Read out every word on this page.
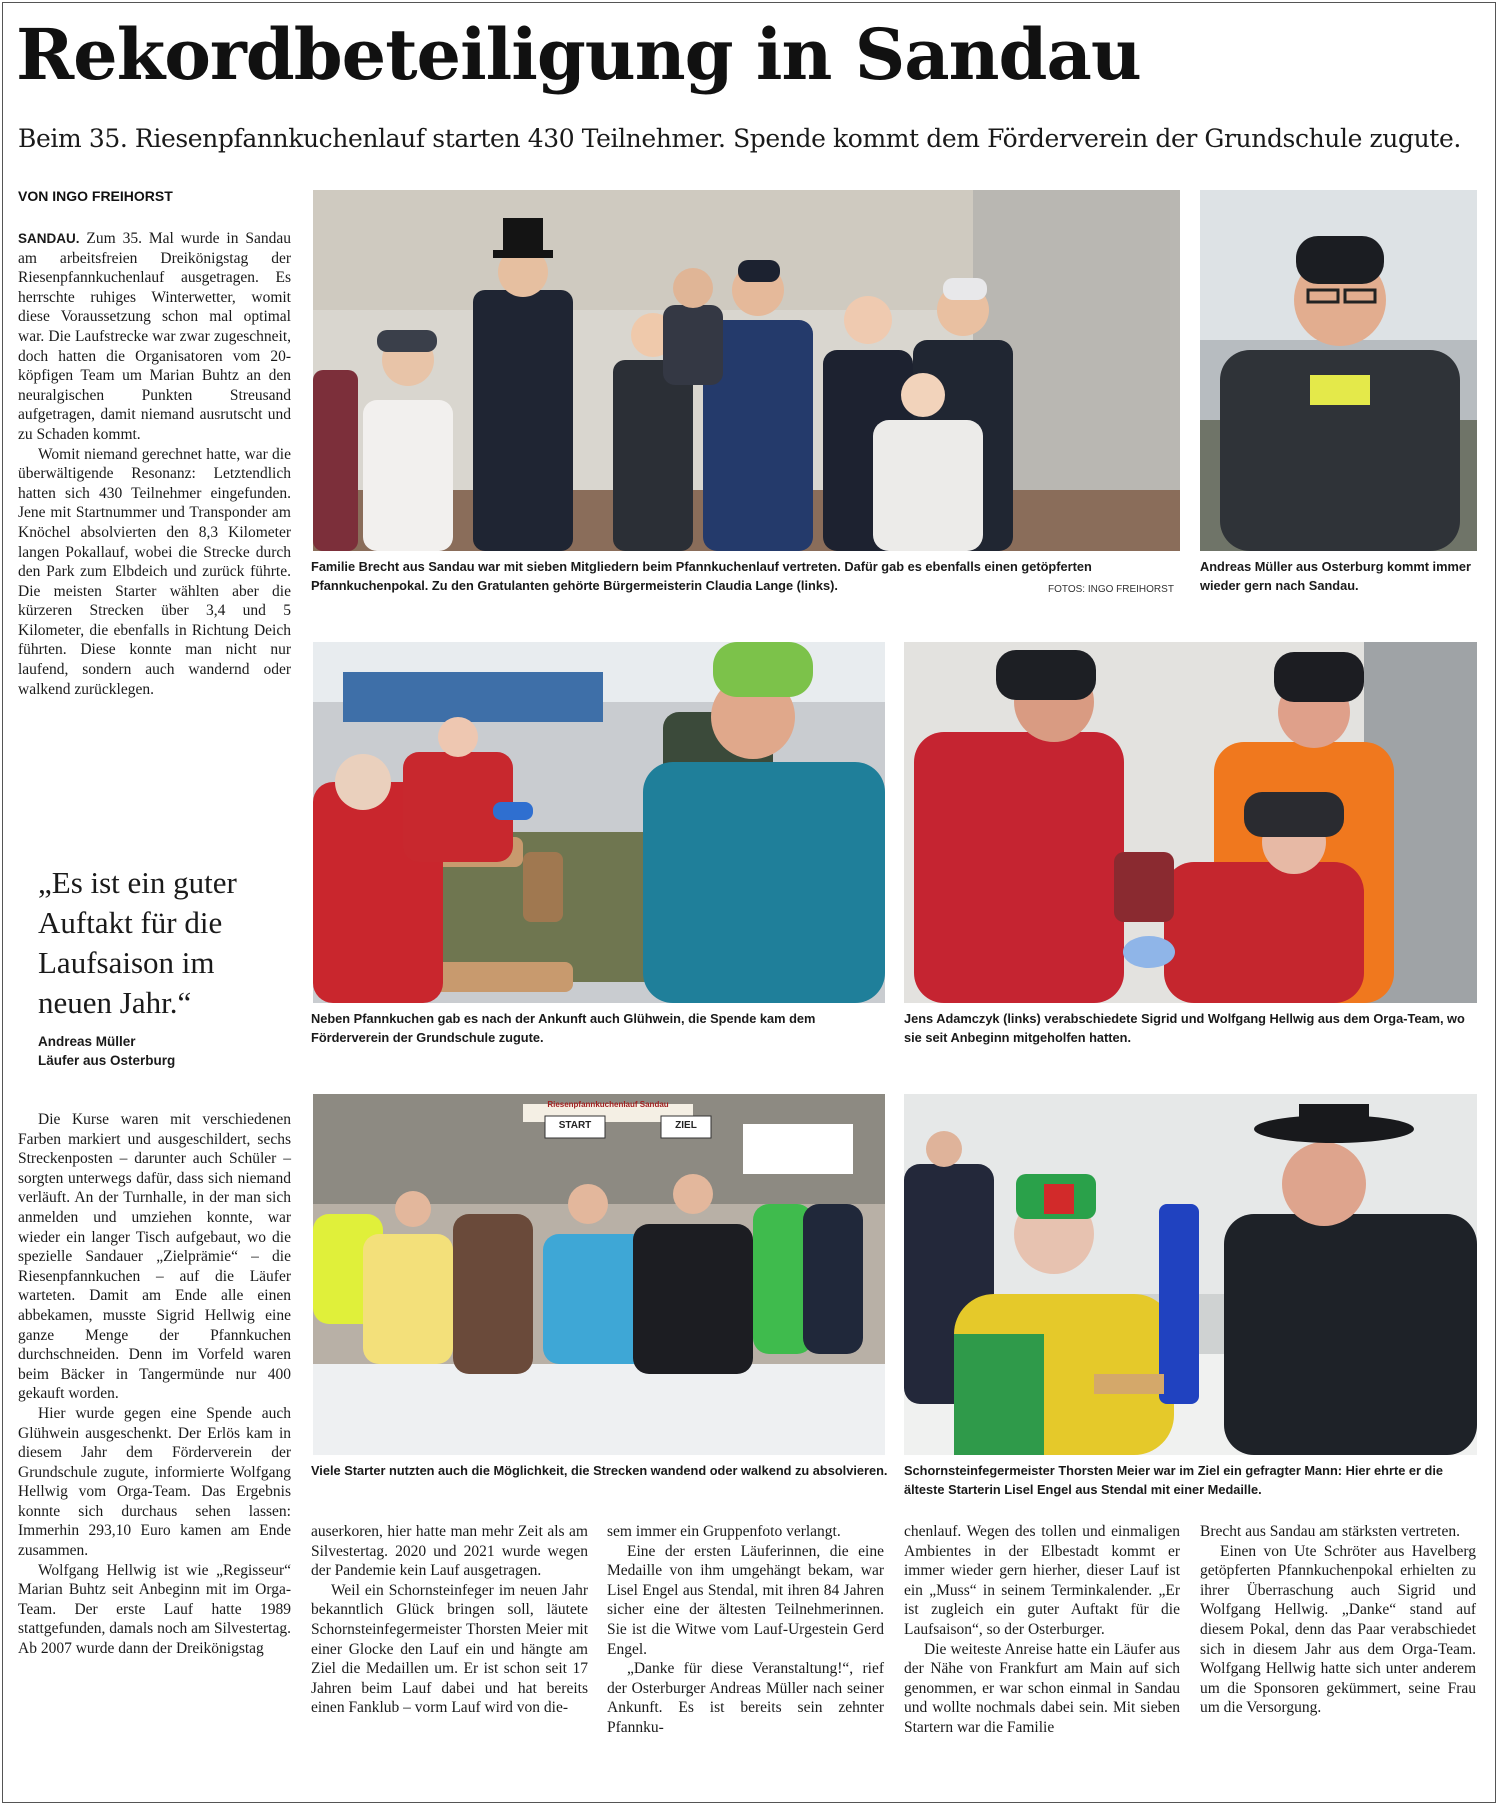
Rekordbeteiligung in Sandau
Beim 35. Riesenpfannkuchenlauf starten 430 Teilnehmer. Spende kommt dem Förderverein der Grundschule zugute.
VON INGO FREIHORST

SANDAU. Zum 35. Mal wurde in Sandau am arbeitsfreien Dreikönigstag der Riesenpfannkuchenlauf ausgetragen. Es herrschte ruhiges Winterwetter, womit diese Voraussetzung schon mal optimal war. Die Laufstrecke war zwar zugeschneit, doch hatten die Organisatoren vom 20-köpfigen Team um Marian Buhtz an den neuralgischen Punkten Streusand aufgetragen, damit niemand ausrutscht und zu Schaden kommt.

Womit niemand gerechnet hatte, war die überwältigende Resonanz: Letztendlich hatten sich 430 Teilnehmer eingefunden. Jene mit Startnummer und Transponder am Knöchel absolvierten den 8,3 Kilometer langen Pokallauf, wobei die Strecke durch den Park zum Elbdeich und zurück führte. Die meisten Starter wählten aber die kürzeren Strecken über 3,4 und 5 Kilometer, die ebenfalls in Richtung Deich führten. Diese konnte man nicht nur laufend, sondern auch wandernd oder walkend zurücklegen.

„Es ist ein guter Auftakt für die Laufsaison im neuen Jahr.“
Andreas Müller
Läufer aus Osterburg

Die Kurse waren mit verschiedenen Farben markiert und ausgeschildert, sechs Streckenposten – darunter auch Schüler – sorgten unterwegs dafür, dass sich niemand verläuft. An der Turnhalle, in der man sich anmelden und umziehen konnte, war wieder ein langer Tisch aufgebaut, wo die spezielle Sandauer „Zielprämie“ – die Riesenpfannkuchen – auf die Läufer warteten. Damit am Ende alle einen abbekamen, musste Sigrid Hellwig eine ganze Menge der Pfannkuchen durchschneiden. Denn im Vorfeld waren beim Bäcker in Tangermünde nur 400 gekauft worden.

Hier wurde gegen eine Spende auch Glühwein ausgeschenkt. Der Erlös kam in diesem Jahr dem Förderverein der Grundschule zugute, informierte Wolfgang Hellwig vom Orga-Team. Das Ergebnis konnte sich durchaus sehen lassen: Immerhin 293,10 Euro kamen am Ende zusammen.

Wolfgang Hellwig ist wie „Regisseur“ Marian Buhtz seit Anbeginn mit im Orga-Team. Der erste Lauf hatte 1989 stattgefunden, damals noch am Silvestertag. Ab 2007 wurde dann der Dreikönigstag

auserkoren, hier hatte man mehr Zeit als am Silvestertag. 2020 und 2021 wurde wegen der Pandemie kein Lauf ausgetragen.

Weil ein Schornsteinfeger im neuen Jahr bekanntlich Glück bringen soll, läutete Schornsteinfegermeister Thorsten Meier mit einer Glocke den Lauf ein und hängte am Ziel die Medaillen um. Er ist schon seit 17 Jahren beim Lauf dabei und hat bereits einen Fanklub – vorm Lauf wird von die-

sem immer ein Gruppenfoto verlangt.

Eine der ersten Läuferinnen, die eine Medaille von ihm umgehängt bekam, war Lisel Engel aus Stendal, mit ihren 84 Jahren sicher eine der ältesten Teilnehmerinnen. Sie ist die Witwe vom Lauf-Urgestein Gerd Engel.

„Danke für diese Veranstaltung!“, rief der Osterburger Andreas Müller nach seiner Ankunft. Es ist bereits sein zehnter Pfannku-

chenlauf. Wegen des tollen und einmaligen Ambientes in der Elbestadt kommt er immer wieder gern hierher, dieser Lauf ist ein „Muss“ in seinem Terminkalender. „Er ist zugleich ein guter Auftakt für die Laufsaison“, so der Osterburger.

Die weiteste Anreise hatte ein Läufer aus der Nähe von Frankfurt am Main auf sich genommen, er war schon einmal in Sandau und wollte nochmals dabei sein. Mit sieben Startern war die Familie

Brecht aus Sandau am stärksten vertreten.

Einen von Ute Schröter aus Havelberg getöpferten Pfannkuchenpokal erhielten zu ihrer Überraschung auch Sigrid und Wolfgang Hellwig. „Danke“ stand auf diesem Pokal, denn das Paar verabschiedet sich in diesem Jahr aus dem Orga-Team. Wolfgang Hellwig hatte sich unter anderem um die Sponsoren gekümmert, seine Frau um die Versorgung.

Familie Brecht aus Sandau war mit sieben Mitgliedern beim Pfannkuchenlauf vertreten. Dafür gab es ebenfalls einen getöpferten Pfannkuchenpokal. Zu den Gratulanten gehörte Bürgermeisterin Claudia Lange (links).	FOTOS: INGO FREIHORST
Andreas Müller aus Osterburg kommt immer wieder gern nach Sandau.
Neben Pfannkuchen gab es nach der Ankunft auch Glühwein, die Spende kam dem Förderverein der Grundschule zugute.
Jens Adamczyk (links) verabschiedete Sigrid und Wolfgang Hellwig aus dem Orga-Team, wo sie seit Anbeginn mitgeholfen hatten.
Riesenpfannkuchenlauf Sandau
START	ZIEL
Viele Starter nutzten auch die Möglichkeit, die Strecken wandend oder walkend zu absolvieren. Schornsteinfegermeister Thorsten Meier war im Ziel ein gefragter Mann: Hier ehrte er die älteste Starterin Lisel Engel aus Stendal mit einer Medaille.
